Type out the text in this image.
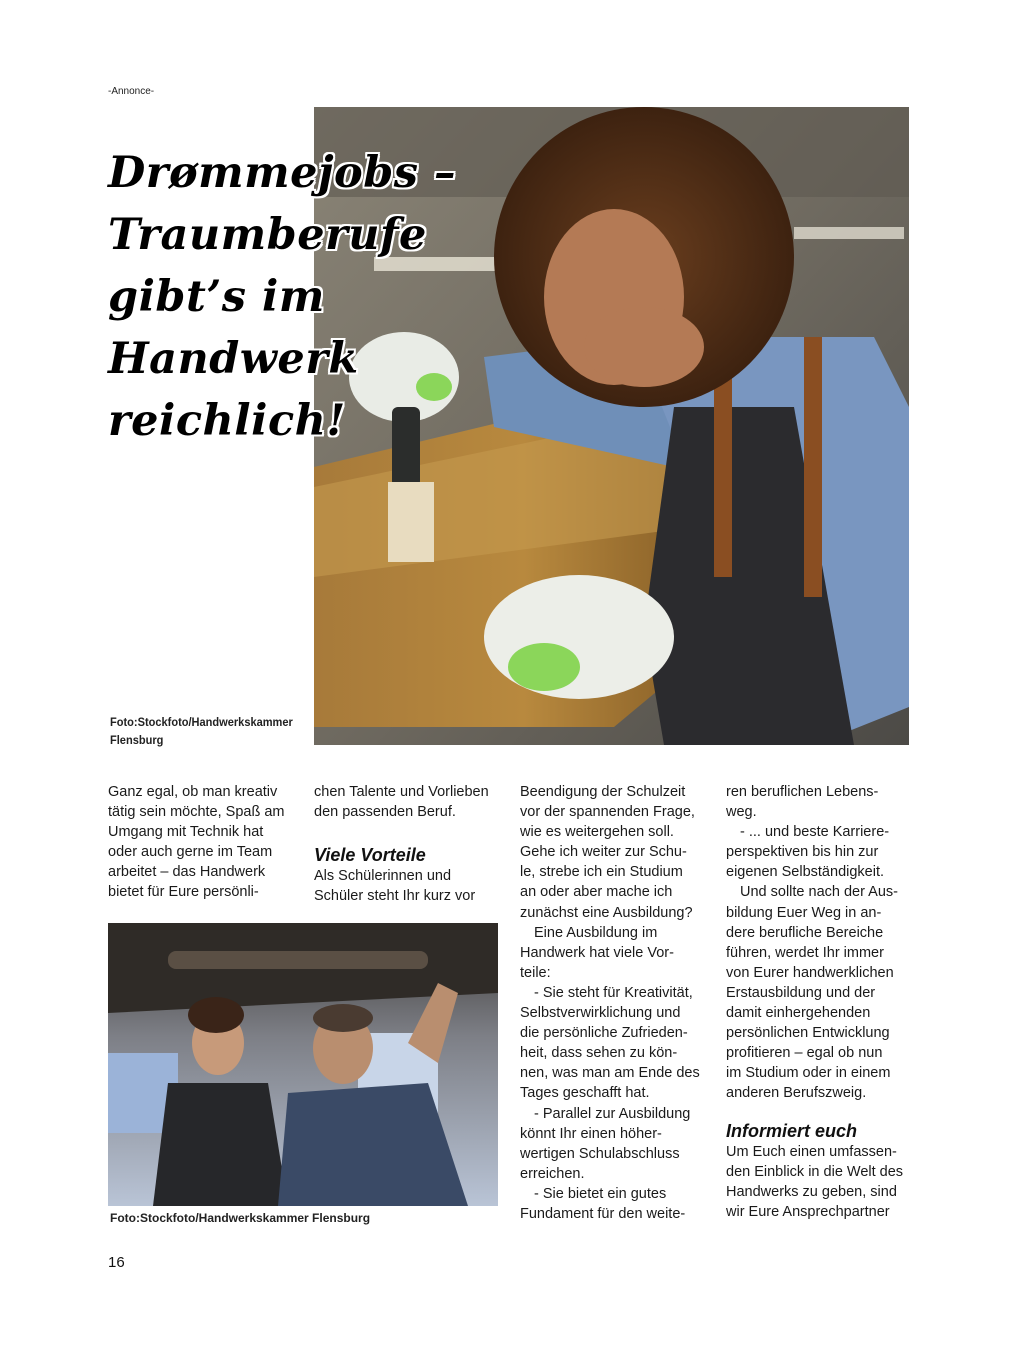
-Annonce-
Drømmejobs –
Traumberufe
gibt’s im
Handwerk
reichlich!
Foto:Stockfoto/Handwerkskammer
Flensburg

Ganz egal, ob man kreativ

tätig sein möchte, Spaß am

Umgang mit Technik hat

oder auch gerne im Team

arbeitet – das Handwerk

bietet für Eure persönli-

chen Talente und Vorlieben

den passenden Beruf.

Viele Vorteile

Als Schülerinnen und

Schüler steht Ihr kurz vor

Foto:Stockfoto/Handwerkskammer Flensburg

Beendigung der Schulzeit

vor der spannenden Frage,

wie es weitergehen soll.

Gehe ich weiter zur Schu-

le, strebe ich ein Studium

an oder aber mache ich

zunächst eine Ausbildung?

Eine Ausbildung im

Handwerk hat viele Vor-

teile:

- Sie steht für Kreativität,

Selbstverwirklichung und

die persönliche Zufrieden-

heit, dass sehen zu kön-

nen, was man am Ende des

Tages geschafft hat.

- Parallel zur Ausbildung

könnt Ihr einen höher-

wertigen Schulabschluss

erreichen.

- Sie bietet ein gutes

Fundament für den weite-

ren beruflichen Lebens-

weg.

- ... und beste Karriere-

perspektiven bis hin zur

eigenen Selbständigkeit.

Und sollte nach der Aus-

bildung Euer Weg in an-

dere berufliche Bereiche

führen, werdet Ihr immer

von Eurer handwerklichen

Erstausbildung und der

damit einhergehenden

persönlichen Entwicklung

profitieren – egal ob nun

im Studium oder in einem

anderen Berufszweig.

Informiert euch

Um Euch einen umfassen-

den Einblick in die Welt des

Handwerks zu geben, sind

wir Eure Ansprechpartner

16
